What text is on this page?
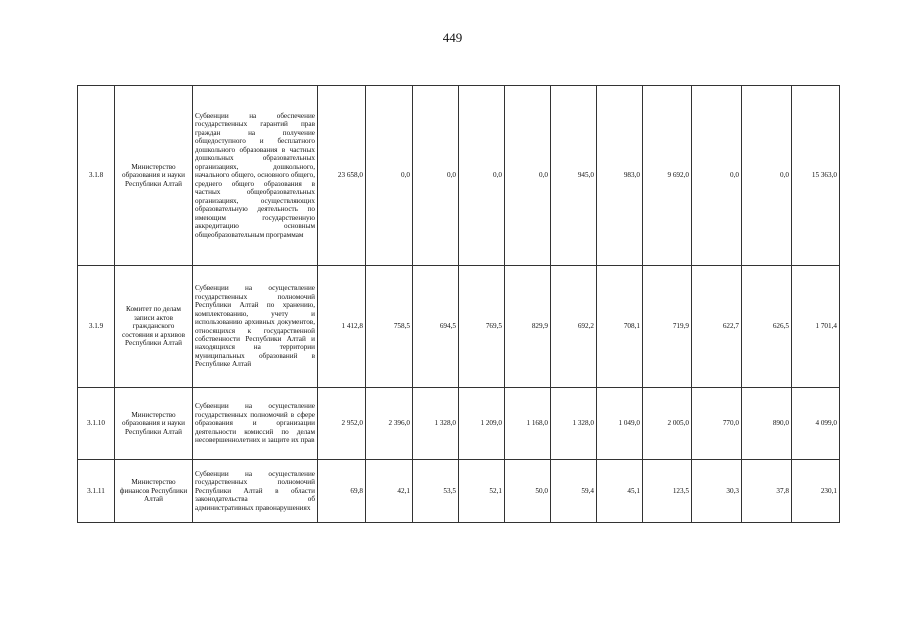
449
3.1.8	Министерство образования и науки Республики Алтай	Субвенции на обеспечение государственных гарантий прав граждан на получение общедоступного и бесплатного дошкольного образования в частных дошкольных образовательных организациях, дошкольного, начального общего, основного общего, среднего общего образования в частных общеобразовательных организациях, осуществляющих образовательную деятельность по имеющим государственную аккредитацию основным общеобразовательным программам	23 658,0	0,0	0,0	0,0	0,0	945,0	983,0	9 692,0	0,0	0,0	15 363,0
3.1.9	Комитет по делам записи актов гражданского состояния и архивов Республики Алтай	Субвенции на осуществление государственных полномочий Республики Алтай по хранению, комплектованию, учету и использованию архивных документов, относящихся к государственной собственности Республики Алтай и находящихся на территории муниципальных образований в Республике Алтай	1 412,8	758,5	694,5	769,5	829,9	692,2	708,1	719,9	622,7	626,5	1 701,4
3.1.10	Министерство образования и науки Республики Алтай	Субвенции на осуществление государственных полномочий в сфере образования и организации деятельности комиссий по делам несовершеннолетних и защите их прав	2 952,0	2 396,0	1 328,0	1 209,0	1 168,0	1 328,0	1 049,0	2 005,0	770,0	890,0	4 099,0
3.1.11	Министерство финансов Республики Алтай	Субвенции на осуществление государственных полномочий Республики Алтай в области законодательства об административных правонарушениях	69,8	42,1	53,5	52,1	50,0	59,4	45,1	123,5	30,3	37,8	230,1
